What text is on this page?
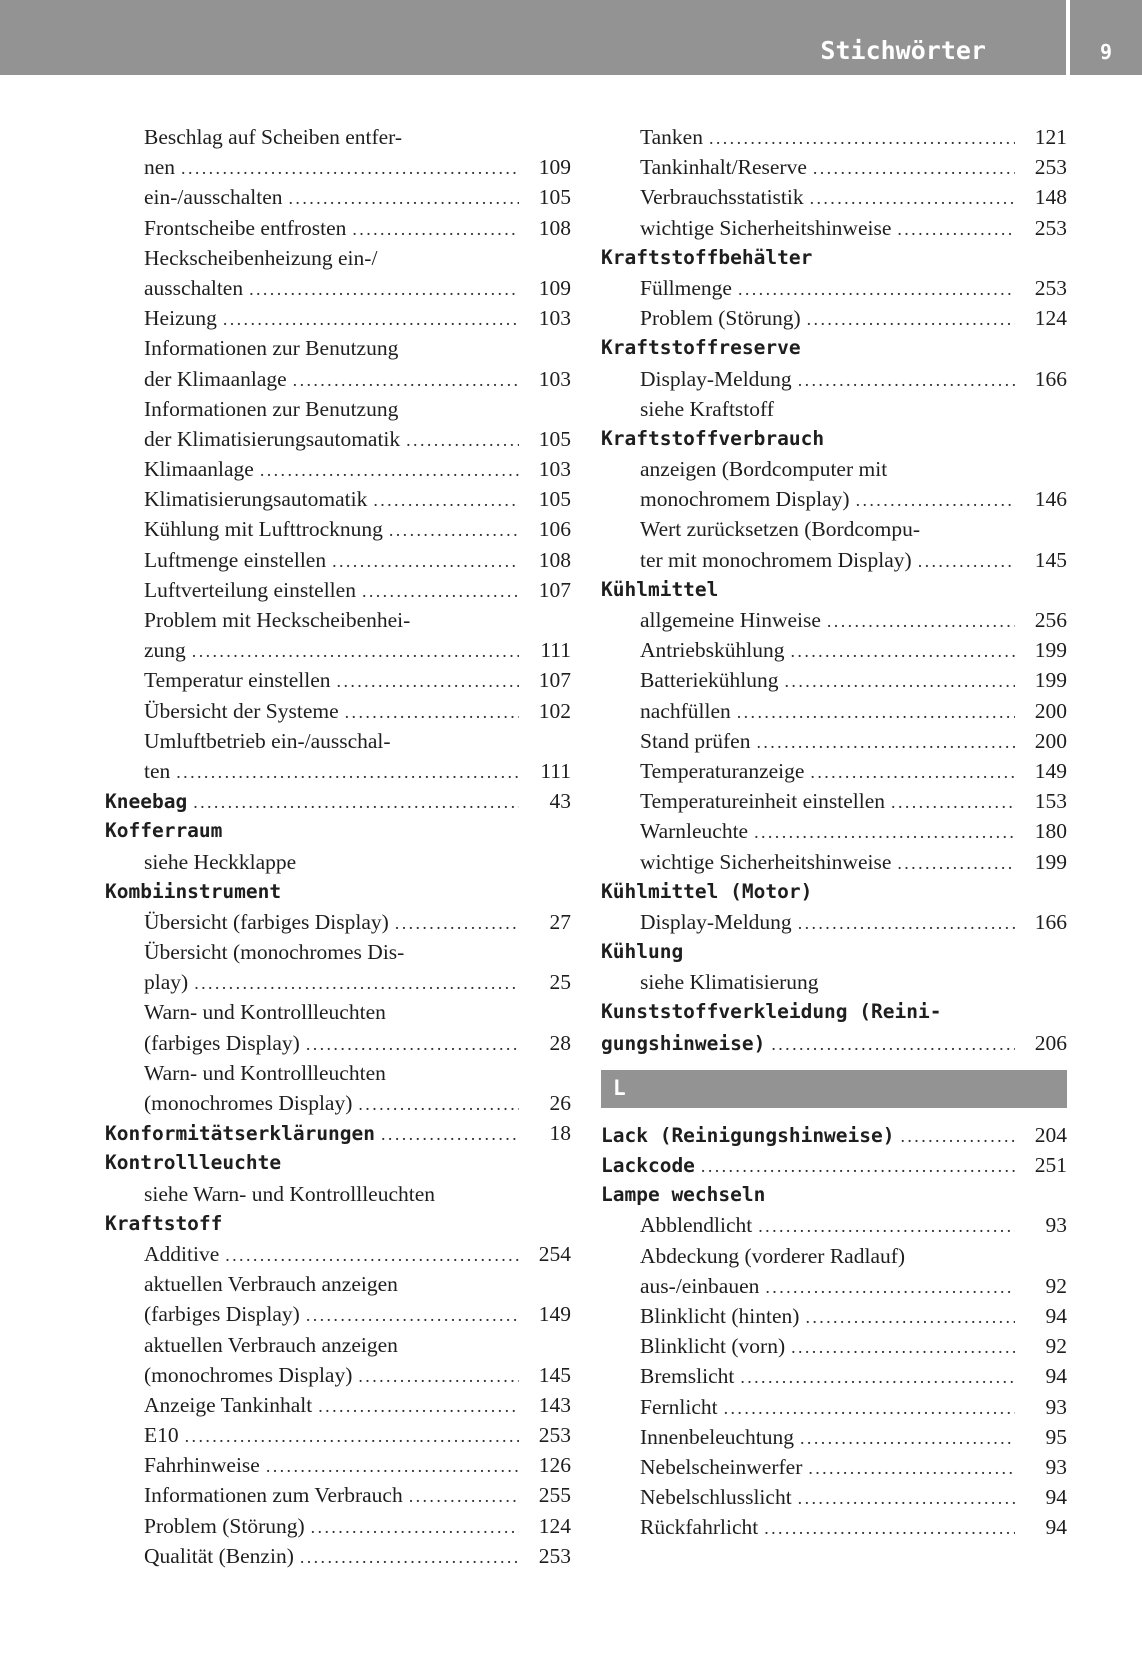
Stichwörter	9
Beschlag auf Scheiben entfer-
nen .....	109
ein-/ausschalten .....	105
Frontscheibe entfrosten .....	108
Heckscheibenheizung ein-/
ausschalten .....	109
Heizung .....	103
Informationen zur Benutzung
der Klimaanlage .....	103
Informationen zur Benutzung
der Klimatisierungsautomatik .....	105
Klimaanlage .....	103
Klimatisierungsautomatik .....	105
Kühlung mit Lufttrocknung .....	106
Luftmenge einstellen .....	108
Luftverteilung einstellen .....	107
Problem mit Heckscheibenhei-
zung .....	111
Temperatur einstellen .....	107
Übersicht der Systeme .....	102
Umluftbetrieb ein-/ausschal-
ten .....	111
Kneebag .....	43
Kofferraum
siehe Heckklappe
Kombiinstrument
Übersicht (farbiges Display) .....	27
Übersicht (monochromes Dis-
play) .....	25
Warn- und Kontrollleuchten
(farbiges Display) .....	28
Warn- und Kontrollleuchten
(monochromes Display) .....	26
Konformitätserklärungen .....	18
Kontrollleuchte
siehe Warn- und Kontrollleuchten
Kraftstoff
Additive .....	254
aktuellen Verbrauch anzeigen
(farbiges Display) .....	149
aktuellen Verbrauch anzeigen
(monochromes Display) .....	145
Anzeige Tankinhalt .....	143
E10 .....	253
Fahrhinweise .....	126
Informationen zum Verbrauch .....	255
Problem (Störung) .....	124
Qualität (Benzin) .....	253
Tanken .....	121
Tankinhalt/Reserve .....	253
Verbrauchsstatistik .....	148
wichtige Sicherheitshinweise .....	253
Kraftstoffbehälter
Füllmenge .....	253
Problem (Störung) .....	124
Kraftstoffreserve
Display-Meldung .....	166
siehe Kraftstoff
Kraftstoffverbrauch
anzeigen (Bordcomputer mit
monochromem Display) .....	146
Wert zurücksetzen (Bordcompu-
ter mit monochromem Display) .....	145
Kühlmittel
allgemeine Hinweise .....	256
Antriebskühlung .....	199
Batteriekühlung .....	199
nachfüllen .....	200
Stand prüfen .....	200
Temperaturanzeige .....	149
Temperatureinheit einstellen .....	153
Warnleuchte .....	180
wichtige Sicherheitshinweise .....	199
Kühlmittel (Motor)
Display-Meldung .....	166
Kühlung
siehe Klimatisierung
Kunststoffverkleidung (Reini-
gungshinweise) .....	206
L
Lack (Reinigungshinweise) .....	204
Lackcode .....	251
Lampe wechseln
Abblendlicht .....	93
Abdeckung (vorderer Radlauf)
aus-/einbauen .....	92
Blinklicht (hinten) .....	94
Blinklicht (vorn) .....	92
Bremslicht .....	94
Fernlicht .....	93
Innenbeleuchtung .....	95
Nebelscheinwerfer .....	93
Nebelschlusslicht .....	94
Rückfahrlicht .....	94
